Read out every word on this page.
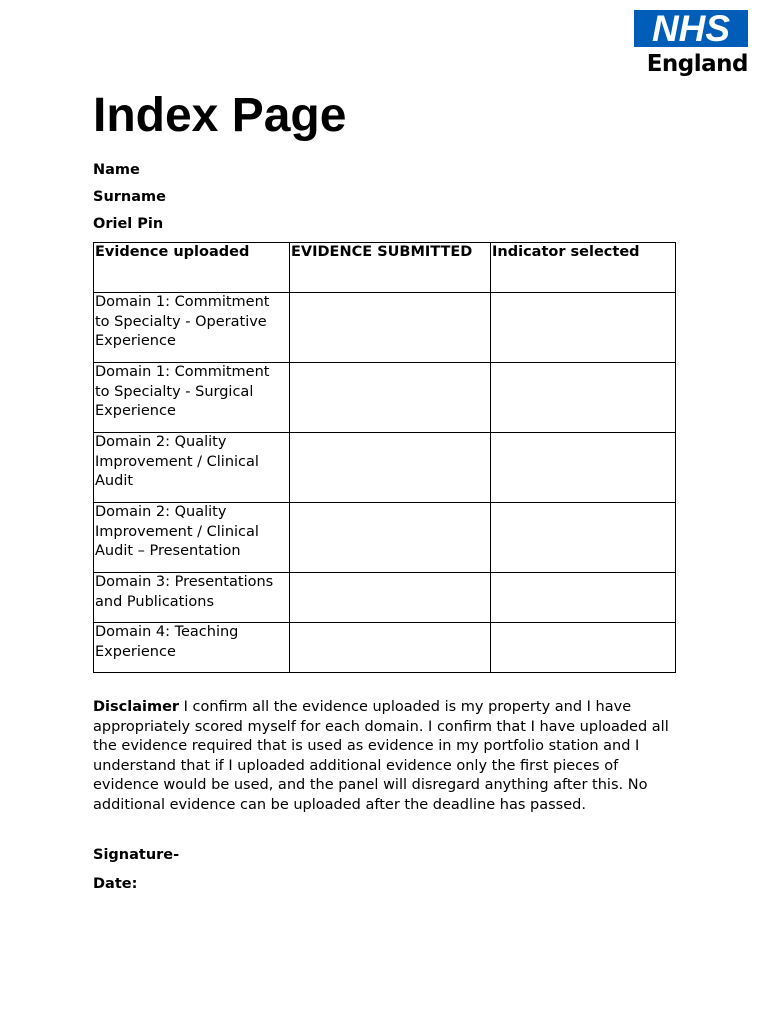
NHS
England
Index Page

Name

Surname

Oriel Pin

Evidence uploaded	EVIDENCE SUBMITTED	Indicator selected
Domain 1: Commitment to Specialty - Operative Experience		
Domain 1: Commitment to Specialty - Surgical Experience		
Domain 2: Quality Improvement / Clinical Audit		
Domain 2: Quality Improvement / Clinical Audit – Presentation		
Domain 3: Presentations and Publications		
Domain 4: Teaching Experience		

Disclaimer I confirm all the evidence uploaded is my property and I have appropriately scored myself for each domain. I confirm that I have uploaded all the evidence required that is used as evidence in my portfolio station and I understand that if I uploaded additional evidence only the first pieces of evidence would be used, and the panel will disregard anything after this. No additional evidence can be uploaded after the deadline has passed.

Signature-

Date:
